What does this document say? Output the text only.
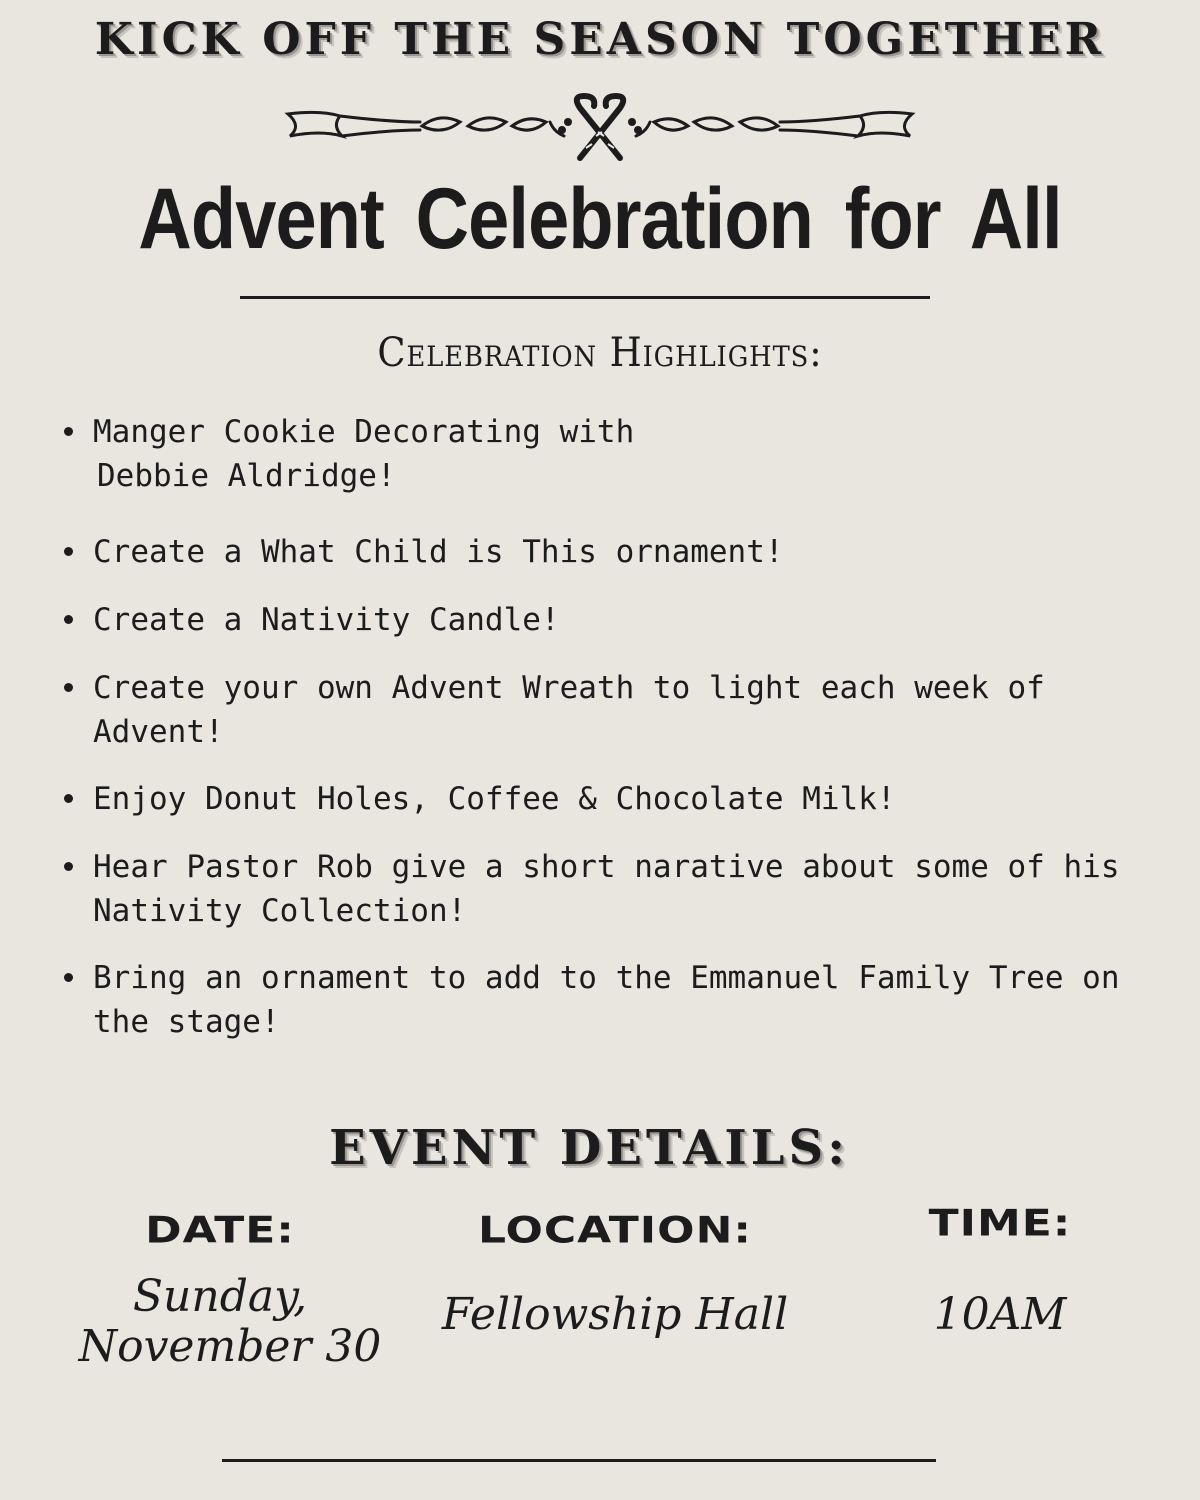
KICK OFF THE SEASON TOGETHER
Advent Celebration for All
Celebration Highlights:
Manger Cookie Decorating with
Debbie Aldridge!
Create a What Child is This ornament!
Create a Nativity Candle!
Create your own Advent Wreath to light each week of
Advent!
Enjoy Donut Holes, Coffee & Chocolate Milk!
Hear Pastor Rob give a short narative about some of his
Nativity Collection!
Bring an ornament to add to the Emmanuel Family Tree on
the stage!
EVENT DETAILS:
DATE:
Sunday,
November 30
LOCATION:
Fellowship Hall
TIME:
10AM
